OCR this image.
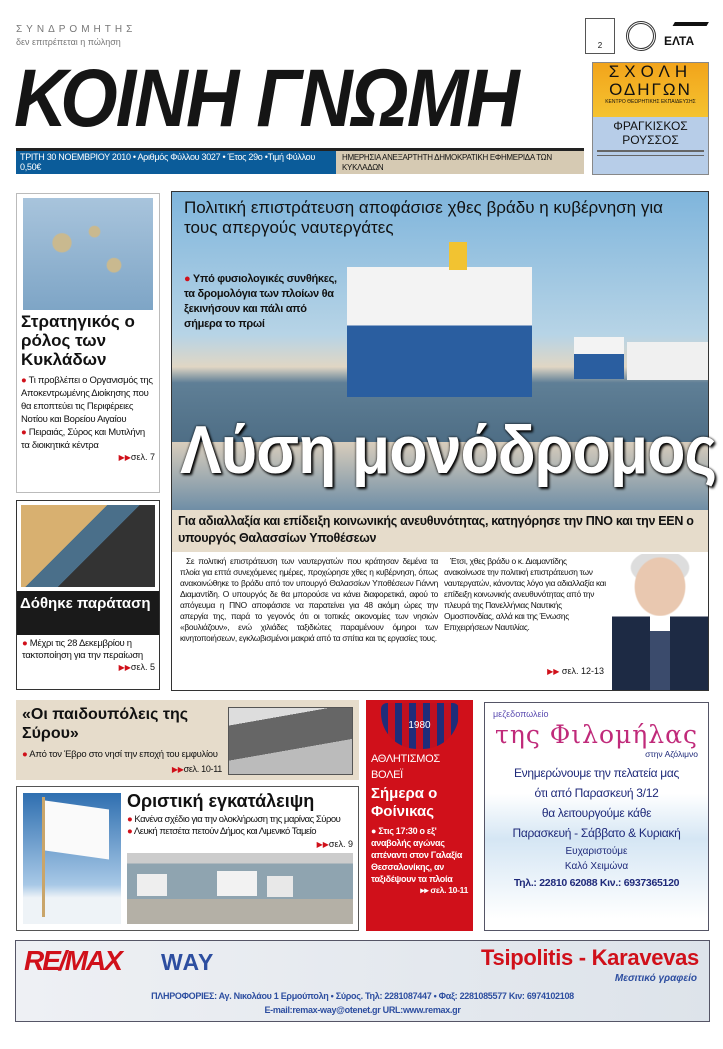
ΣΥΝΔΡΟΜΗΤΗΣ
δεν επιτρέπεται η πώληση	2	ΕΛΤΑ
ΚΟΙΝΗ ΓΝΩΜΗ
ΤΡΙΤΗ 30 ΝΟΕΜΒΡΙΟΥ 2010 • Αριθμός Φύλλου 3027 • Έτος 29ο •Τιμή Φύλλου 0,50€
ΗΜΕΡΗΣΙΑ ΑΝΕΞΑΡΤΗΤΗ ΔΗΜΟΚΡΑΤΙΚΗ ΕΦΗΜΕΡΙΔΑ ΤΩΝ ΚΥΚΛΑΔΩΝ
ΣΧΟΛΗ
ΟΔΗΓΩΝ
ΚΕΝΤΡΟ ΘΕΩΡΗΤΙΚΗΣ ΕΚΠΑΙΔΕΥΣΗΣ
ΦΡΑΓΚΙΣΚΟΣ
ΡΟΥΣΣΟΣ
Στρατηγικός ο ρόλος των Κυκλάδων
● Τι προβλέπει ο Οργανισμός της Αποκεντρωμένης Διοίκησης που θα εποπτεύει τις Περιφέρειες Νοτίου και Βορείου Αιγαίου
● Πειραιάς, Σύρος και Μυτιλήνη τα διοικητικά κέντρα
▶▶σελ. 7
Δόθηκε παράταση
● Μέχρι τις 28 Δεκεμβρίου η τακτοποίηση για την περαίωση
▶▶σελ. 5
Πολιτική επιστράτευση αποφάσισε χθες βράδυ η κυβέρνηση για τους απεργούς ναυτεργάτες
● Υπό φυσιολογικές συνθήκες, τα δρομολόγια των πλοίων θα ξεκινήσουν και πάλι από σήμερα το πρωί
Λύση μονόδρομος
Για αδιαλλαξία και επίδειξη κοινωνικής ανευθυνότητας, κατηγόρησε την ΠΝΟ και την ΕΕΝ ο υπουργός Θαλασσίων Υποθέσεων
Σε πολιτική επιστράτευση των ναυτεργατών που κράτησαν δεμένα τα πλοία για επτά συνεχόμενες ημέρες, προχώρησε χθες η κυβέρνηση, όπως ανακοινώθηκε το βράδυ από τον υπουργό Θαλασσίων Υποθέσεων Γιάννη Διαμαντίδη. Ο υπουργός δε θα μπορούσε να κάνει διαφορετικά, αφού το απόγευμα η ΠΝΟ αποφάσισε να παρατείνει για 48 ακόμη ώρες την απεργία της, παρά το γεγονός ότι οι τοπικές οικονομίες των νησιών «βουλιάζουν», ενώ χιλιάδες ταξιδιώτες παραμένουν όμηροι των κινητοποιήσεων, εγκλωβισμένοι μακριά από τα σπίτια και τις εργασίες τους.
Έτσι, χθες βράδυ ο κ. Διαμαντίδης ανακοίνωσε την πολιτική επιστράτευση των ναυτεργατών, κάνοντας λόγο για αδιαλλαξία και επίδειξη κοινωνικής ανευθυνότητας από την πλευρά της Πανελλήνιας Ναυτικής Ομοσπονδίας, αλλά και της Ένωσης Επιχειρήσεων Ναυτιλίας.
▶▶ σελ. 12-13
«Οι παιδουπόλεις της Σύρου»
● Από τον Έβρο στο νησί την εποχή του εμφυλίου
▶▶σελ. 10-11
Οριστική εγκατάλειψη
● Κανένα σχέδιο για την ολοκλήρωση της μαρίνας Σύρου
● Λευκή πετσέτα πετούν Δήμος και Λιμενικό Ταμείο
▶▶σελ. 9
1980
ΑΘΛΗΤΙΣΜΟΣ
ΒΟΛΕΪ
Σήμερα ο Φοίνικας
● Στις 17:30 ο εξ' αναβολής αγώνας απέναντι στον Γαλαξία Θεσσαλονίκης, αν ταξιδέψουν τα πλοία
▸▸ σελ. 10-11
μεζεδοπωλείο
της Φιλομήλας
στην Αζόλιμνο
Ενημερώνουμε την πελατεία μας
ότι από Παρασκευή 3/12
θα λειτουργούμε κάθε
Παρασκευή - Σάββατο & Κυριακή
Ευχαριστούμε
Καλό Χειμώνα
Τηλ.: 22810 62088 Κιν.: 6937365120
RE/MAX WAY	Tsipolitis - Karavevas
Μεσιτικό γραφείο
ΠΛΗΡΟΦΟΡΙΕΣ: Αγ. Νικολάου 1 Ερμούπολη • Σύρος. Τηλ: 2281087447 • Φαξ: 2281085577 Κιν: 6974102108
E-mail:remax-way@otenet.gr URL:www.remax.gr
